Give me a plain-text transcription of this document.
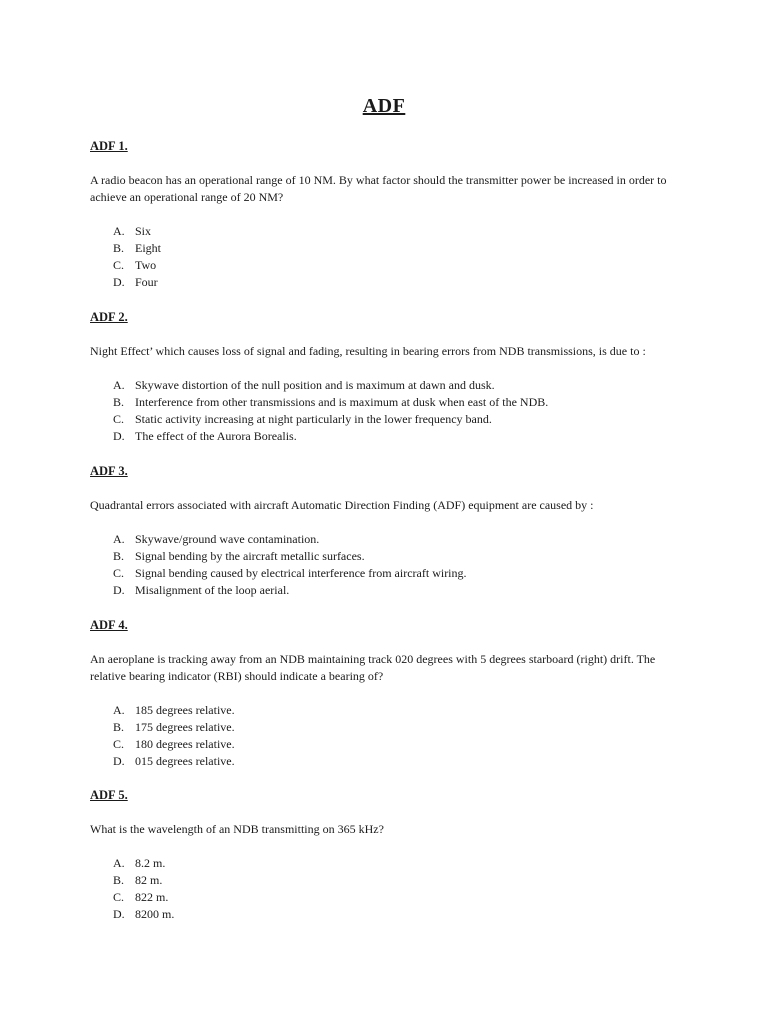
ADF

ADF 1.

A radio beacon has an operational range of 10 NM. By what factor should the transmitter power be increased in order to achieve an operational range of 20 NM?

A. Six
B. Eight
C. Two
D. Four

ADF 2.

Night Effect’ which causes loss of signal and fading, resulting in bearing errors from NDB transmissions, is due to :

A. Skywave distortion of the null position and is maximum at dawn and dusk.
B. Interference from other transmissions and is maximum at dusk when east of the NDB.
C. Static activity increasing at night particularly in the lower frequency band.
D. The effect of the Aurora Borealis.

ADF 3.

Quadrantal errors associated with aircraft Automatic Direction Finding (ADF) equipment are caused by :

A. Skywave/ground wave contamination.
B. Signal bending by the aircraft metallic surfaces.
C. Signal bending caused by electrical interference from aircraft wiring.
D. Misalignment of the loop aerial.

ADF 4.

An aeroplane is tracking away from an NDB maintaining track 020 degrees with 5 degrees starboard (right) drift. The relative bearing indicator (RBI) should indicate a bearing of?

A. 185 degrees relative.
B. 175 degrees relative.
C. 180 degrees relative.
D. 015 degrees relative.

ADF 5.

What is the wavelength of an NDB transmitting on 365 kHz?

A. 8.2 m.
B. 82 m.
C. 822 m.
D. 8200 m.
